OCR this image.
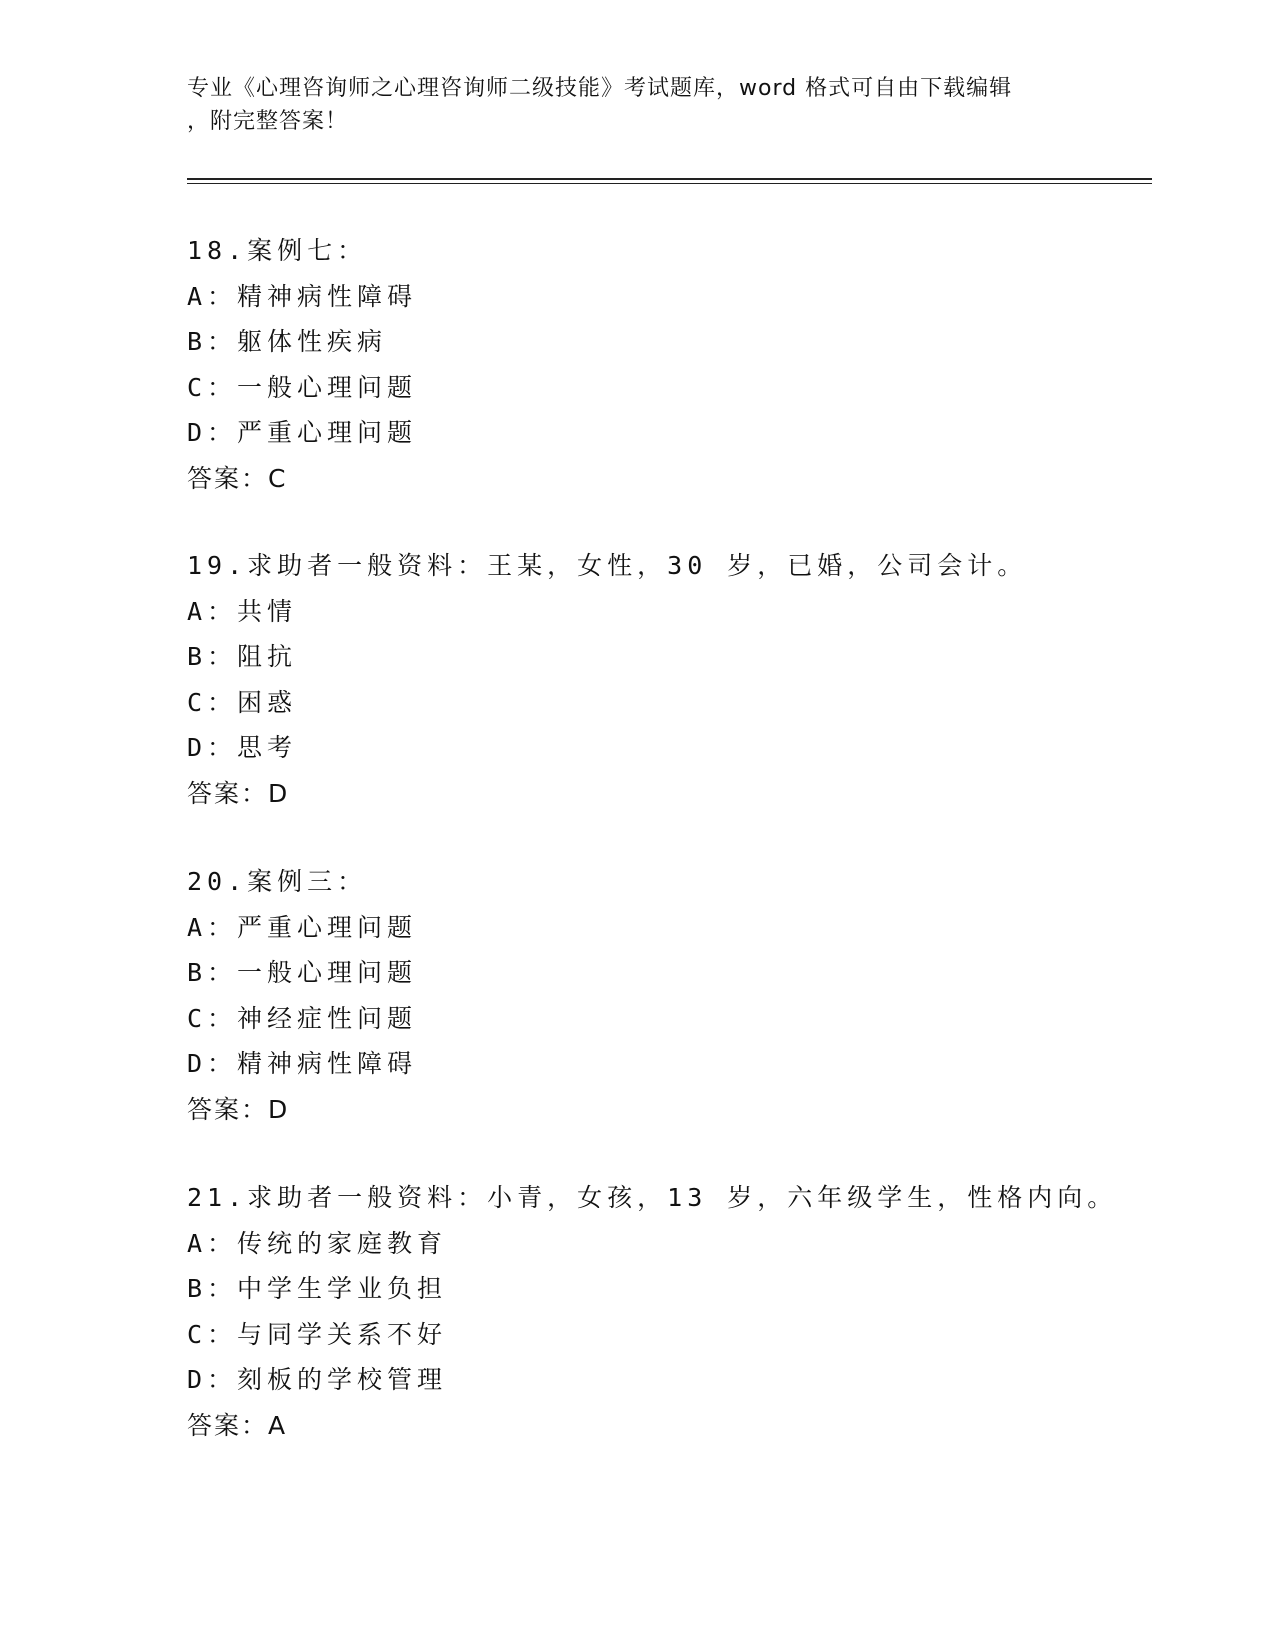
专业《心理咨询师之心理咨询师二级技能》考试题库，word 格式可自由下载编辑
，附完整答案！
18.案例七：
A：精神病性障碍
B：躯体性疾病
C：一般心理问题
D：严重心理问题
答案：C
19.求助者一般资料：王某，女性，30 岁，已婚，公司会计。
A：共情
B：阻抗
C：困惑
D：思考
答案：D
20.案例三：
A：严重心理问题
B：一般心理问题
C：神经症性问题
D：精神病性障碍
答案：D
21.求助者一般资料：小青，女孩，13 岁，六年级学生，性格内向。
A：传统的家庭教育
B：中学生学业负担
C：与同学关系不好
D：刻板的学校管理
答案：A
